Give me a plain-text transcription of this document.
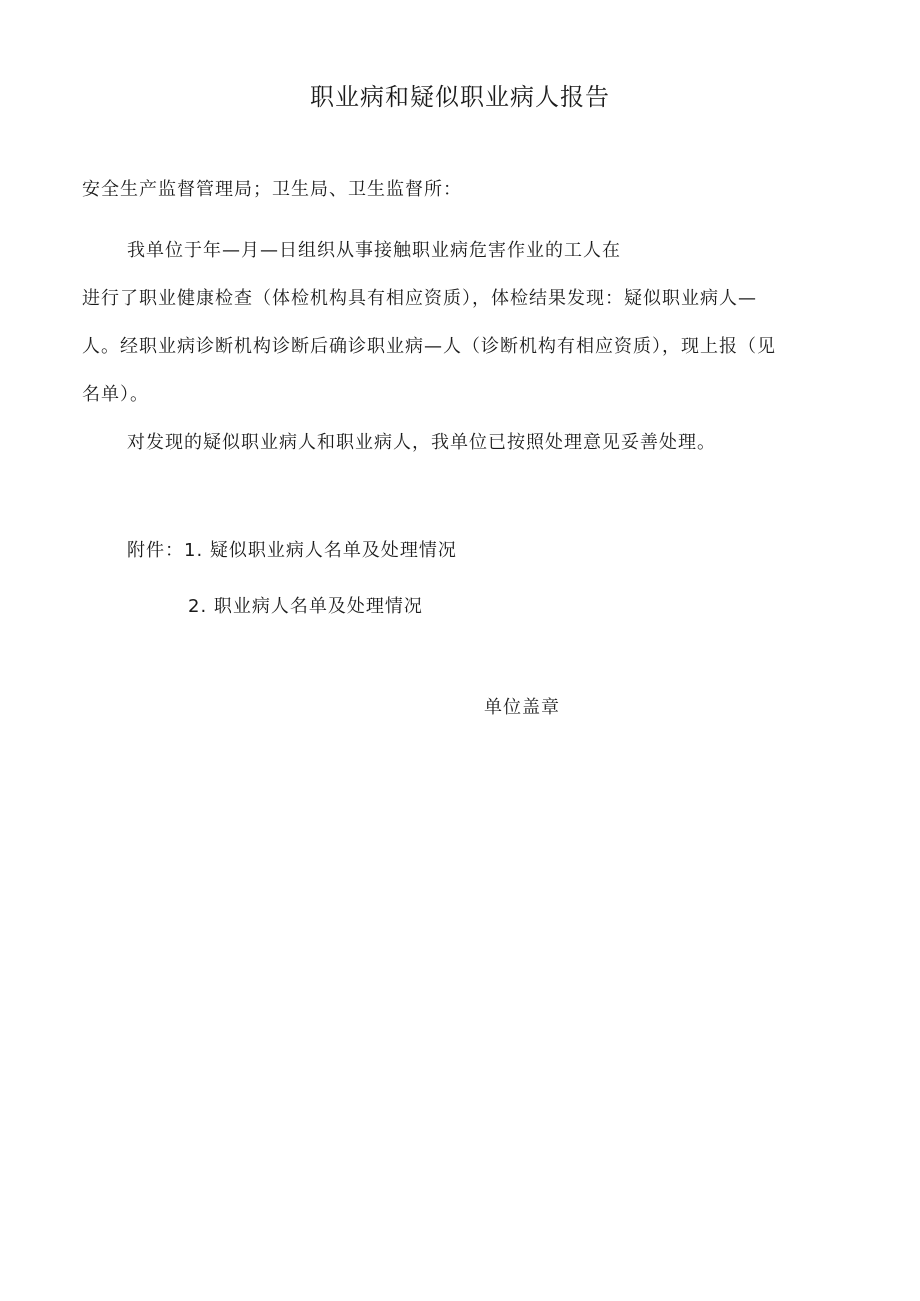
职业病和疑似职业病人报告

安全生产监督管理局；卫生局、卫生监督所：

我单位于年—月—日组织从事接触职业病危害作业的工人在

进行了职业健康检查（体检机构具有相应资质），体检结果发现：疑似职业病人—

人。经职业病诊断机构诊断后确诊职业病—人（诊断机构有相应资质），现上报（见

名单）。

对发现的疑似职业病人和职业病人，我单位已按照处理意见妥善处理。

附件：1. 疑似职业病人名单及处理情况

2. 职业病人名单及处理情况

单位盖章
